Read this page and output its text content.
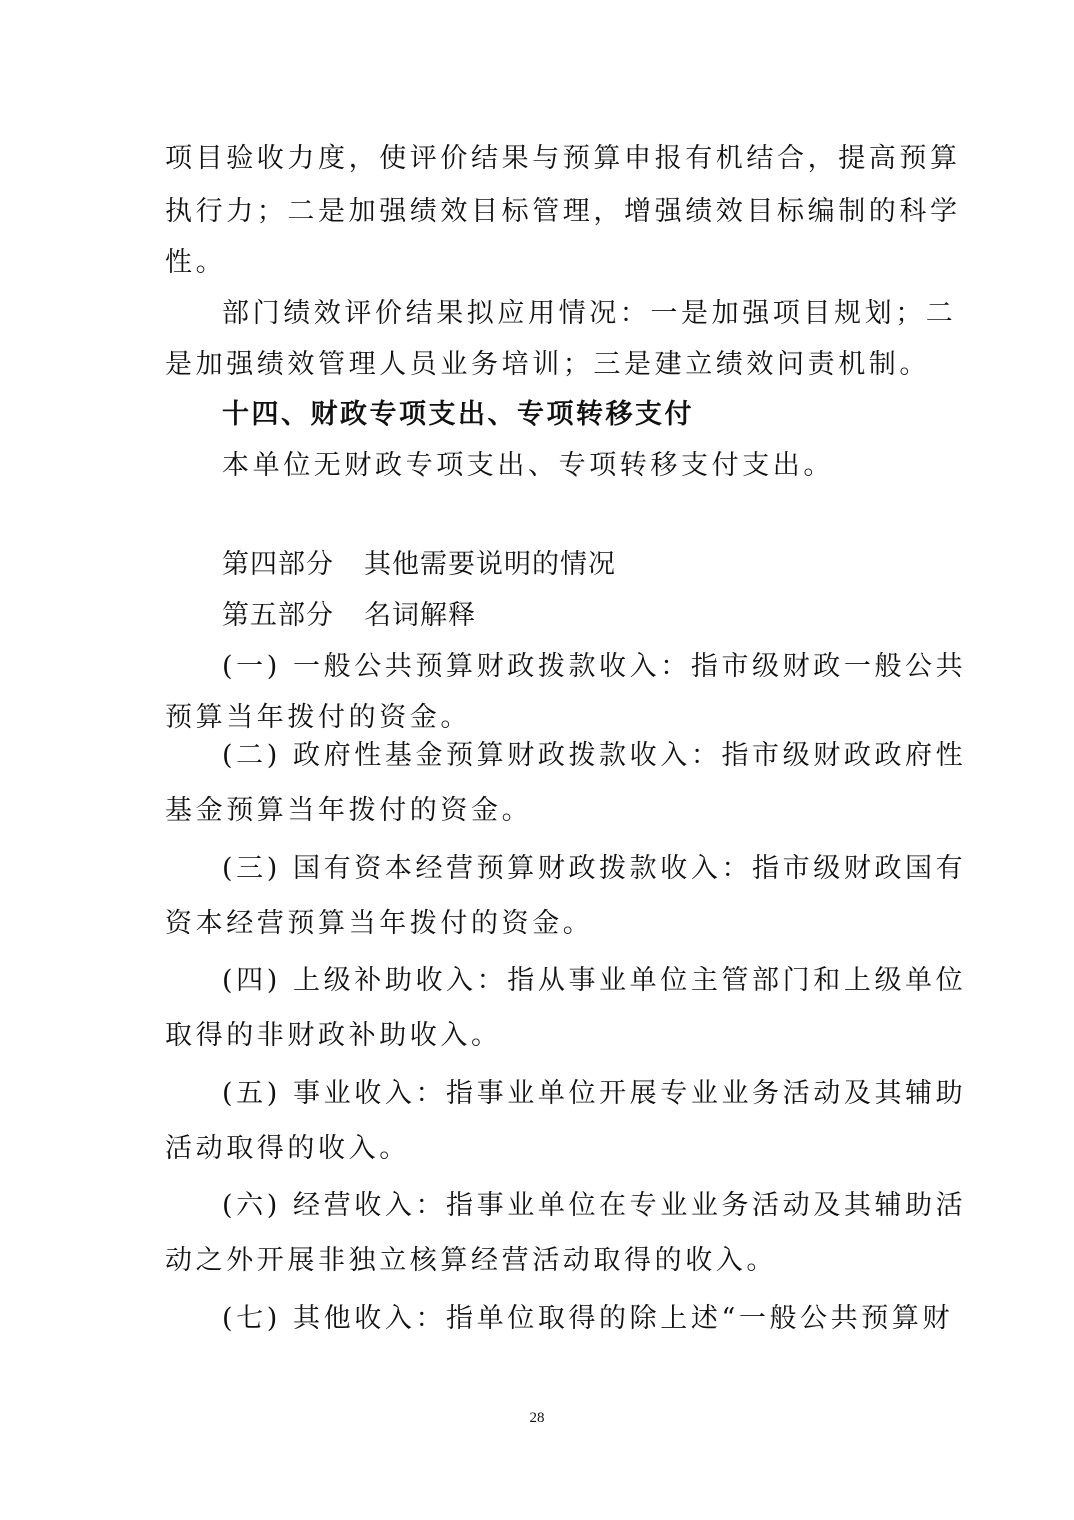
项目验收力度，使评价结果与预算申报有机结合，提高预算

执行力；二是加强绩效目标管理，增强绩效目标编制的科学

性。

部门绩效评价结果拟应用情况：一是加强项目规划；二

是加强绩效管理人员业务培训；三是建立绩效问责机制。

十四、财政专项支出、专项转移支付

本单位无财政专项支出、专项转移支付支出。

第四部分 其他需要说明的情况

第五部分 名词解释

(一) 一般公共预算财政拨款收入：指市级财政一般公共

预算当年拨付的资金。

(二) 政府性基金预算财政拨款收入：指市级财政政府性

基金预算当年拨付的资金。

(三) 国有资本经营预算财政拨款收入：指市级财政国有

资本经营预算当年拨付的资金。

(四) 上级补助收入：指从事业单位主管部门和上级单位

取得的非财政补助收入。

(五) 事业收入：指事业单位开展专业业务活动及其辅助

活动取得的收入。

(六) 经营收入：指事业单位在专业业务活动及其辅助活

动之外开展非独立核算经营活动取得的收入。

(七) 其他收入：指单位取得的除上述“一般公共预算财

28
